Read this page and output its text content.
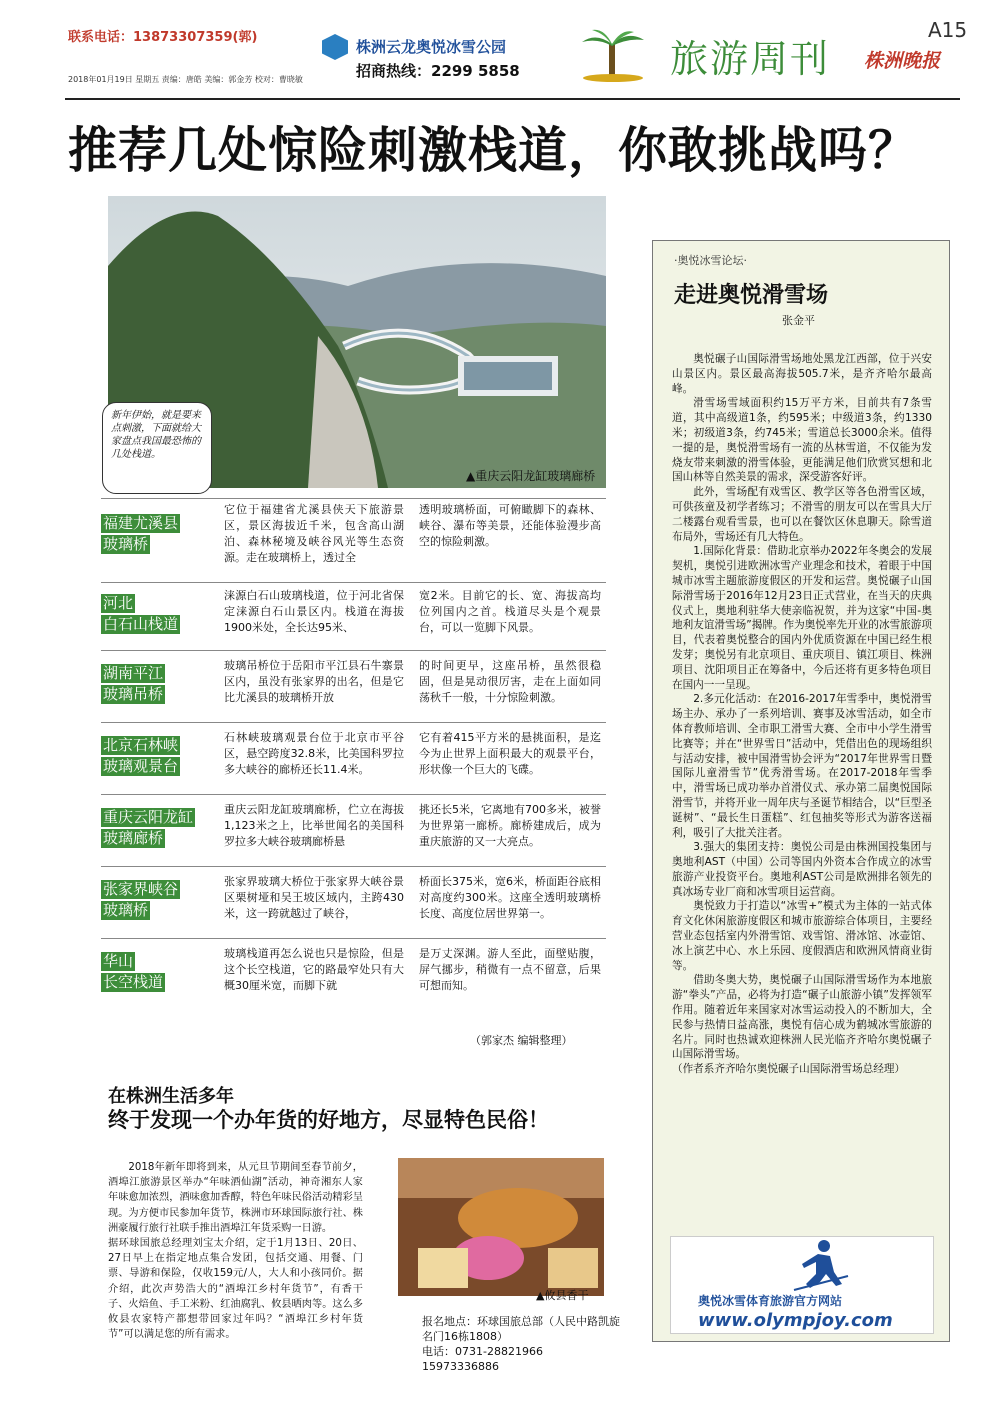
联系电话：13873307359(郭)
2018年01月19日 星期五 责编：唐皓 美编：郭金芳 校对：曹晓敏
株洲云龙奥悦冰雪公园
招商热线：2299 5858	旅游周刊
A15
株洲晚报
推荐几处惊险刺激栈道，你敢挑战吗？
新年伊始，就是要来点刺激，下面就给大家盘点我国最恐怖的几处栈道。
▲重庆云阳龙缸玻璃廊桥
福建尤溪县
玻璃桥
它位于福建省尤溪县侠天下旅游景区，景区海拔近千米，包含高山湖泊、森林秘境及峡谷风光等生态资源。走在玻璃桥上，透过全
透明玻璃桥面，可俯瞰脚下的森林、峡谷、瀑布等美景，还能体验漫步高空的惊险刺激。
河北
白石山栈道
涞源白石山玻璃栈道，位于河北省保定涞源白石山景区内。栈道在海拔1900米处，全长达95米、
宽2米。目前它的长、宽、海拔高均位列国内之首。栈道尽头是个观景台，可以一览脚下风景。
湖南平江
玻璃吊桥
玻璃吊桥位于岳阳市平江县石牛寨景区内，虽没有张家界的出名，但是它比尤溪县的玻璃桥开放
的时间更早，这座吊桥，虽然很稳固，但是晃动很厉害，走在上面如同荡秋千一般，十分惊险刺激。
北京石林峡
玻璃观景台
石林峡玻璃观景台位于北京市平谷区，悬空跨度32.8米，比美国科罗拉多大峡谷的廊桥还长11.4米。
它有着415平方米的悬挑面积，是迄今为止世界上面积最大的观景平台，形状像一个巨大的飞碟。
重庆云阳龙缸
玻璃廊桥
重庆云阳龙缸玻璃廊桥，伫立在海拔1,123米之上，比举世闻名的美国科罗拉多大峡谷玻璃廊桥悬
挑还长5米，它离地有700多米，被誉为世界第一廊桥。廊桥建成后，成为重庆旅游的又一大亮点。
张家界峡谷
玻璃桥
张家界玻璃大桥位于张家界大峡谷景区栗树垭和吴王坡区域内，主跨430米，这一跨就越过了峡谷，
桥面长375米，宽6米，桥面距谷底相对高度约300米。这座全透明玻璃桥长度、高度位居世界第一。
华山
长空栈道
玻璃栈道再怎么说也只是惊险，但是这个长空栈道，它的路最窄处只有大概30厘米宽，而脚下就
是万丈深渊。游人至此，面壁贴腹，屏气挪步，稍微有一点不留意，后果可想而知。
（郭家杰 编辑整理）
在株洲生活多年
终于发现一个办年货的好地方，尽显特色民俗！
2018年新年即将到来，从元旦节期间至春节前夕，酒埠江旅游景区举办“年味酒仙湖”活动，神奇湘东人家年味愈加浓烈，酒味愈加香醇，特色年味民俗活动精彩呈现。为方便市民参加年货节，株洲市环球国际旅行社、株洲豪履行旅行社联手推出酒埠江年货采购一日游。
据环球国旅总经理刘宝太介绍，定于1月13日、20日、27日早上在指定地点集合发团，包括交通、用餐、门票、导游和保险，仅收159元/人，大人和小孩同价。据介绍，此次声势浩大的“酒埠江乡村年货节”，有香干子、火焙鱼、手工米粉、红油腐乳、攸县晒肉等。这么多攸县农家特产都想带回家过年吗？“酒埠江乡村年货节”可以满足您的所有需求。
▲攸县香干
报名地点：环球国旅总部（人民中路凯旋名门16栋1808）
电话：0731-28821966
15973336886
·奥悦冰雪论坛·
走进奥悦滑雪场
张金平

奥悦碾子山国际滑雪场地处黑龙江西部，位于兴安山景区内。景区最高海拔505.7米，是齐齐哈尔最高峰。

滑雪场雪域面积约15万平方米，目前共有7条雪道，其中高级道1条，约595米；中级道3条，约1330米；初级道3条，约745米；雪道总长3000余米。值得一提的是，奥悦滑雪场有一流的丛林雪道，不仅能为发烧友带来刺激的滑雪体验，更能满足他们欣赏冥想和北国山林等自然美景的需求，深受游客好评。

此外，雪场配有戏雪区、教学区等各色滑雪区域，可供孩童及初学者练习；不滑雪的朋友可以在雪具大厅二楼露台观看雪景，也可以在餐饮区休息聊天。除雪道布局外，雪场还有几大特色。

1.国际化背景：借助北京举办2022年冬奥会的发展契机，奥悦引进欧洲冰雪产业理念和技术，着眼于中国城市冰雪主题旅游度假区的开发和运营。奥悦碾子山国际滑雪场于2016年12月23日正式营业，在当天的庆典仪式上，奥地利驻华大使亲临祝贺，并为这家“中国-奥地利友谊滑雪场”揭牌。作为奥悦率先开业的冰雪旅游项目，代表着奥悦整合的国内外优质资源在中国已经生根发芽；奥悦另有北京项目、重庆项目、镇江项目、株洲项目、沈阳项目正在筹备中，今后还将有更多特色项目在国内一一呈现。

2.多元化活动：在2016-2017年雪季中，奥悦滑雪场主办、承办了一系列培训、赛事及冰雪活动，如全市体育教师培训、全市职工滑雪大赛、全市中小学生滑雪比赛等；并在“世界雪日”活动中，凭借出色的现场组织与活动安排，被中国滑雪协会评为“2017年世界雪日暨国际儿童滑雪节”优秀滑雪场。在2017-2018年雪季中，滑雪场已成功举办首滑仪式、承办第二届奥悦国际滑雪节，并将开业一周年庆与圣诞节相结合，以“巨型圣诞树”、“最长生日蛋糕”、红包抽奖等形式为游客送福利，吸引了大批关注者。

3.强大的集团支持：奥悦公司是由株洲国投集团与奥地利AST（中国）公司等国内外资本合作成立的冰雪旅游产业投资平台。奥地利AST公司是欧洲排名领先的真冰场专业厂商和冰雪项目运营商。

奥悦致力于打造以“冰雪+”模式为主体的一站式体育文化休闲旅游度假区和城市旅游综合体项目，主要经营业态包括室内外滑雪馆、戏雪馆、滑冰馆、冰壶馆、冰上演艺中心、水上乐园、度假酒店和欧洲风情商业街等。

借助冬奥大势，奥悦碾子山国际滑雪场作为本地旅游“拳头”产品，必将为打造“碾子山旅游小镇”发挥领军作用。随着近年来国家对冰雪运动投入的不断加大，全民参与热情日益高涨，奥悦有信心成为鹤城冰雪旅游的名片。同时也热诚欢迎株洲人民光临齐齐哈尔奥悦碾子山国际滑雪场。

（作者系齐齐哈尔奥悦碾子山国际滑雪场总经理）

奥悦冰雪体育旅游官方网站
www.olympjoy.com
